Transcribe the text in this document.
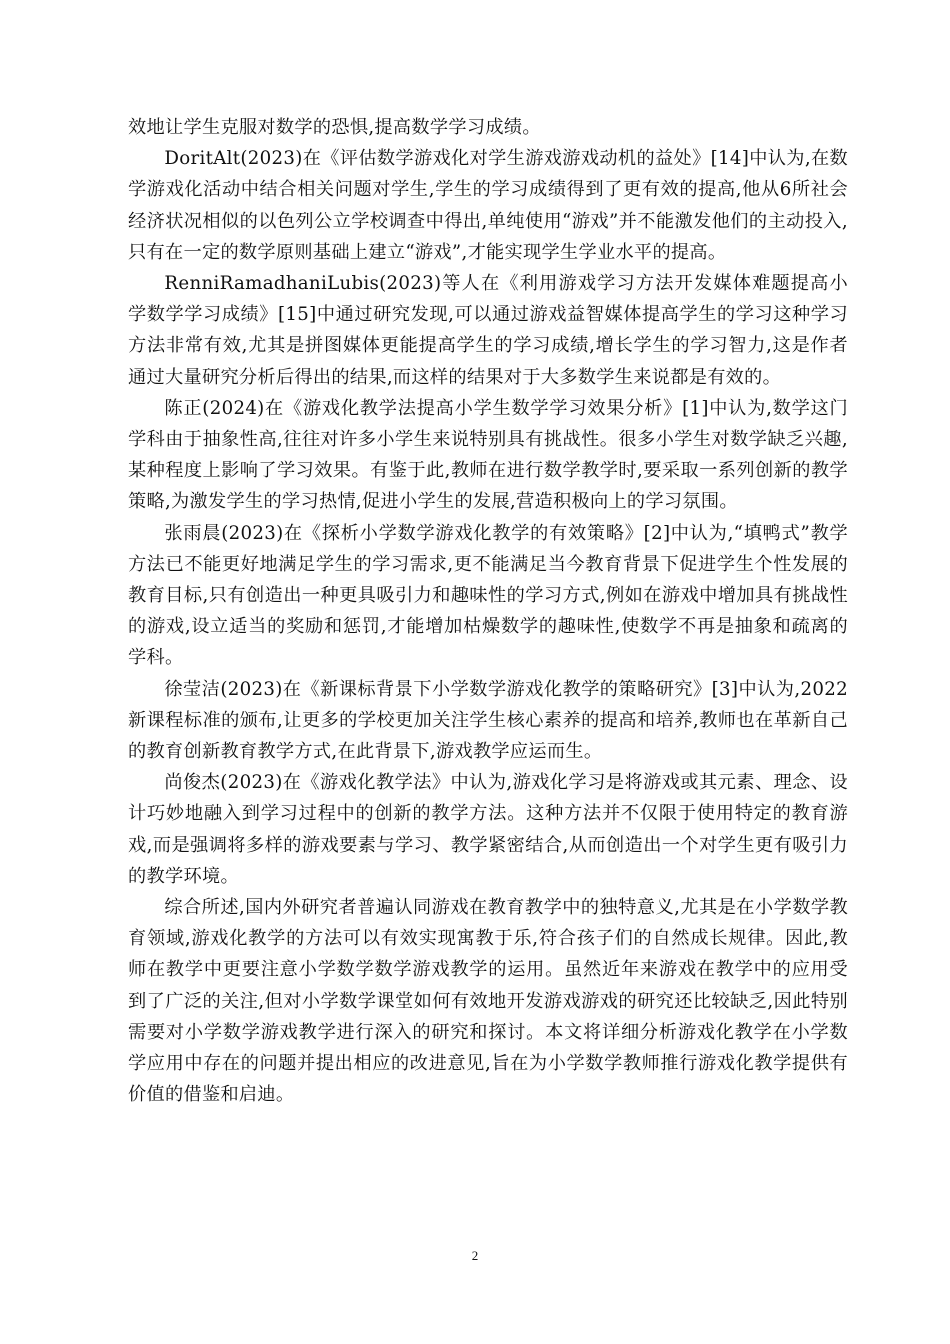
效地让学生克服对数学的恐惧,提高数学学习成绩。

DoritAlt(2023)在《评估数学游戏化对学生游戏游戏动机的益处》[14]中认为,在数学游戏化活动中结合相关问题对学生,学生的学习成绩得到了更有效的提高,他从6所社会经济状况相似的以色列公立学校调查中得出,单纯使用“游戏”并不能激发他们的主动投入,只有在一定的数学原则基础上建立“游戏”,才能实现学生学业水平的提高。

RenniRamadhaniLubis(2023)等人在《利用游戏学习方法开发媒体难题提高小学数学学习成绩》[15]中通过研究发现,可以通过游戏益智媒体提高学生的学习这种学习方法非常有效,尤其是拼图媒体更能提高学生的学习成绩,增长学生的学习智力,这是作者通过大量研究分析后得出的结果,而这样的结果对于大多数学生来说都是有效的。

陈正(2024)在《游戏化教学法提高小学生数学学习效果分析》[1]中认为,数学这门学科由于抽象性高,往往对许多小学生来说特别具有挑战性。很多小学生对数学缺乏兴趣,某种程度上影响了学习效果。有鉴于此,教师在进行数学教学时,要采取一系列创新的教学策略,为激发学生的学习热情,促进小学生的发展,营造积极向上的学习氛围。

张雨晨(2023)在《探析小学数学游戏化教学的有效策略》[2]中认为,“填鸭式”教学方法已不能更好地满足学生的学习需求,更不能满足当今教育背景下促进学生个性发展的教育目标,只有创造出一种更具吸引力和趣味性的学习方式,例如在游戏中增加具有挑战性的游戏,设立适当的奖励和惩罚,才能增加枯燥数学的趣味性,使数学不再是抽象和疏离的学科。

徐莹洁(2023)在《新课标背景下小学数学游戏化教学的策略研究》[3]中认为,2022新课程标准的颁布,让更多的学校更加关注学生核心素养的提高和培养,教师也在革新自己的教育创新教育教学方式,在此背景下,游戏教学应运而生。

尚俊杰(2023)在《游戏化教学法》中认为,游戏化学习是将游戏或其元素、理念、设计巧妙地融入到学习过程中的创新的教学方法。这种方法并不仅限于使用特定的教育游戏,而是强调将多样的游戏要素与学习、教学紧密结合,从而创造出一个对学生更有吸引力的教学环境。

综合所述,国内外研究者普遍认同游戏在教育教学中的独特意义,尤其是在小学数学教育领域,游戏化教学的方法可以有效实现寓教于乐,符合孩子们的自然成长规律。因此,教师在教学中更要注意小学数学数学游戏教学的运用。虽然近年来游戏在教学中的应用受到了广泛的关注,但对小学数学课堂如何有效地开发游戏游戏的研究还比较缺乏,因此特别需要对小学数学游戏教学进行深入的研究和探讨。本文将详细分析游戏化教学在小学数学应用中存在的问题并提出相应的改进意见,旨在为小学数学教师推行游戏化教学提供有价值的借鉴和启迪。

2
